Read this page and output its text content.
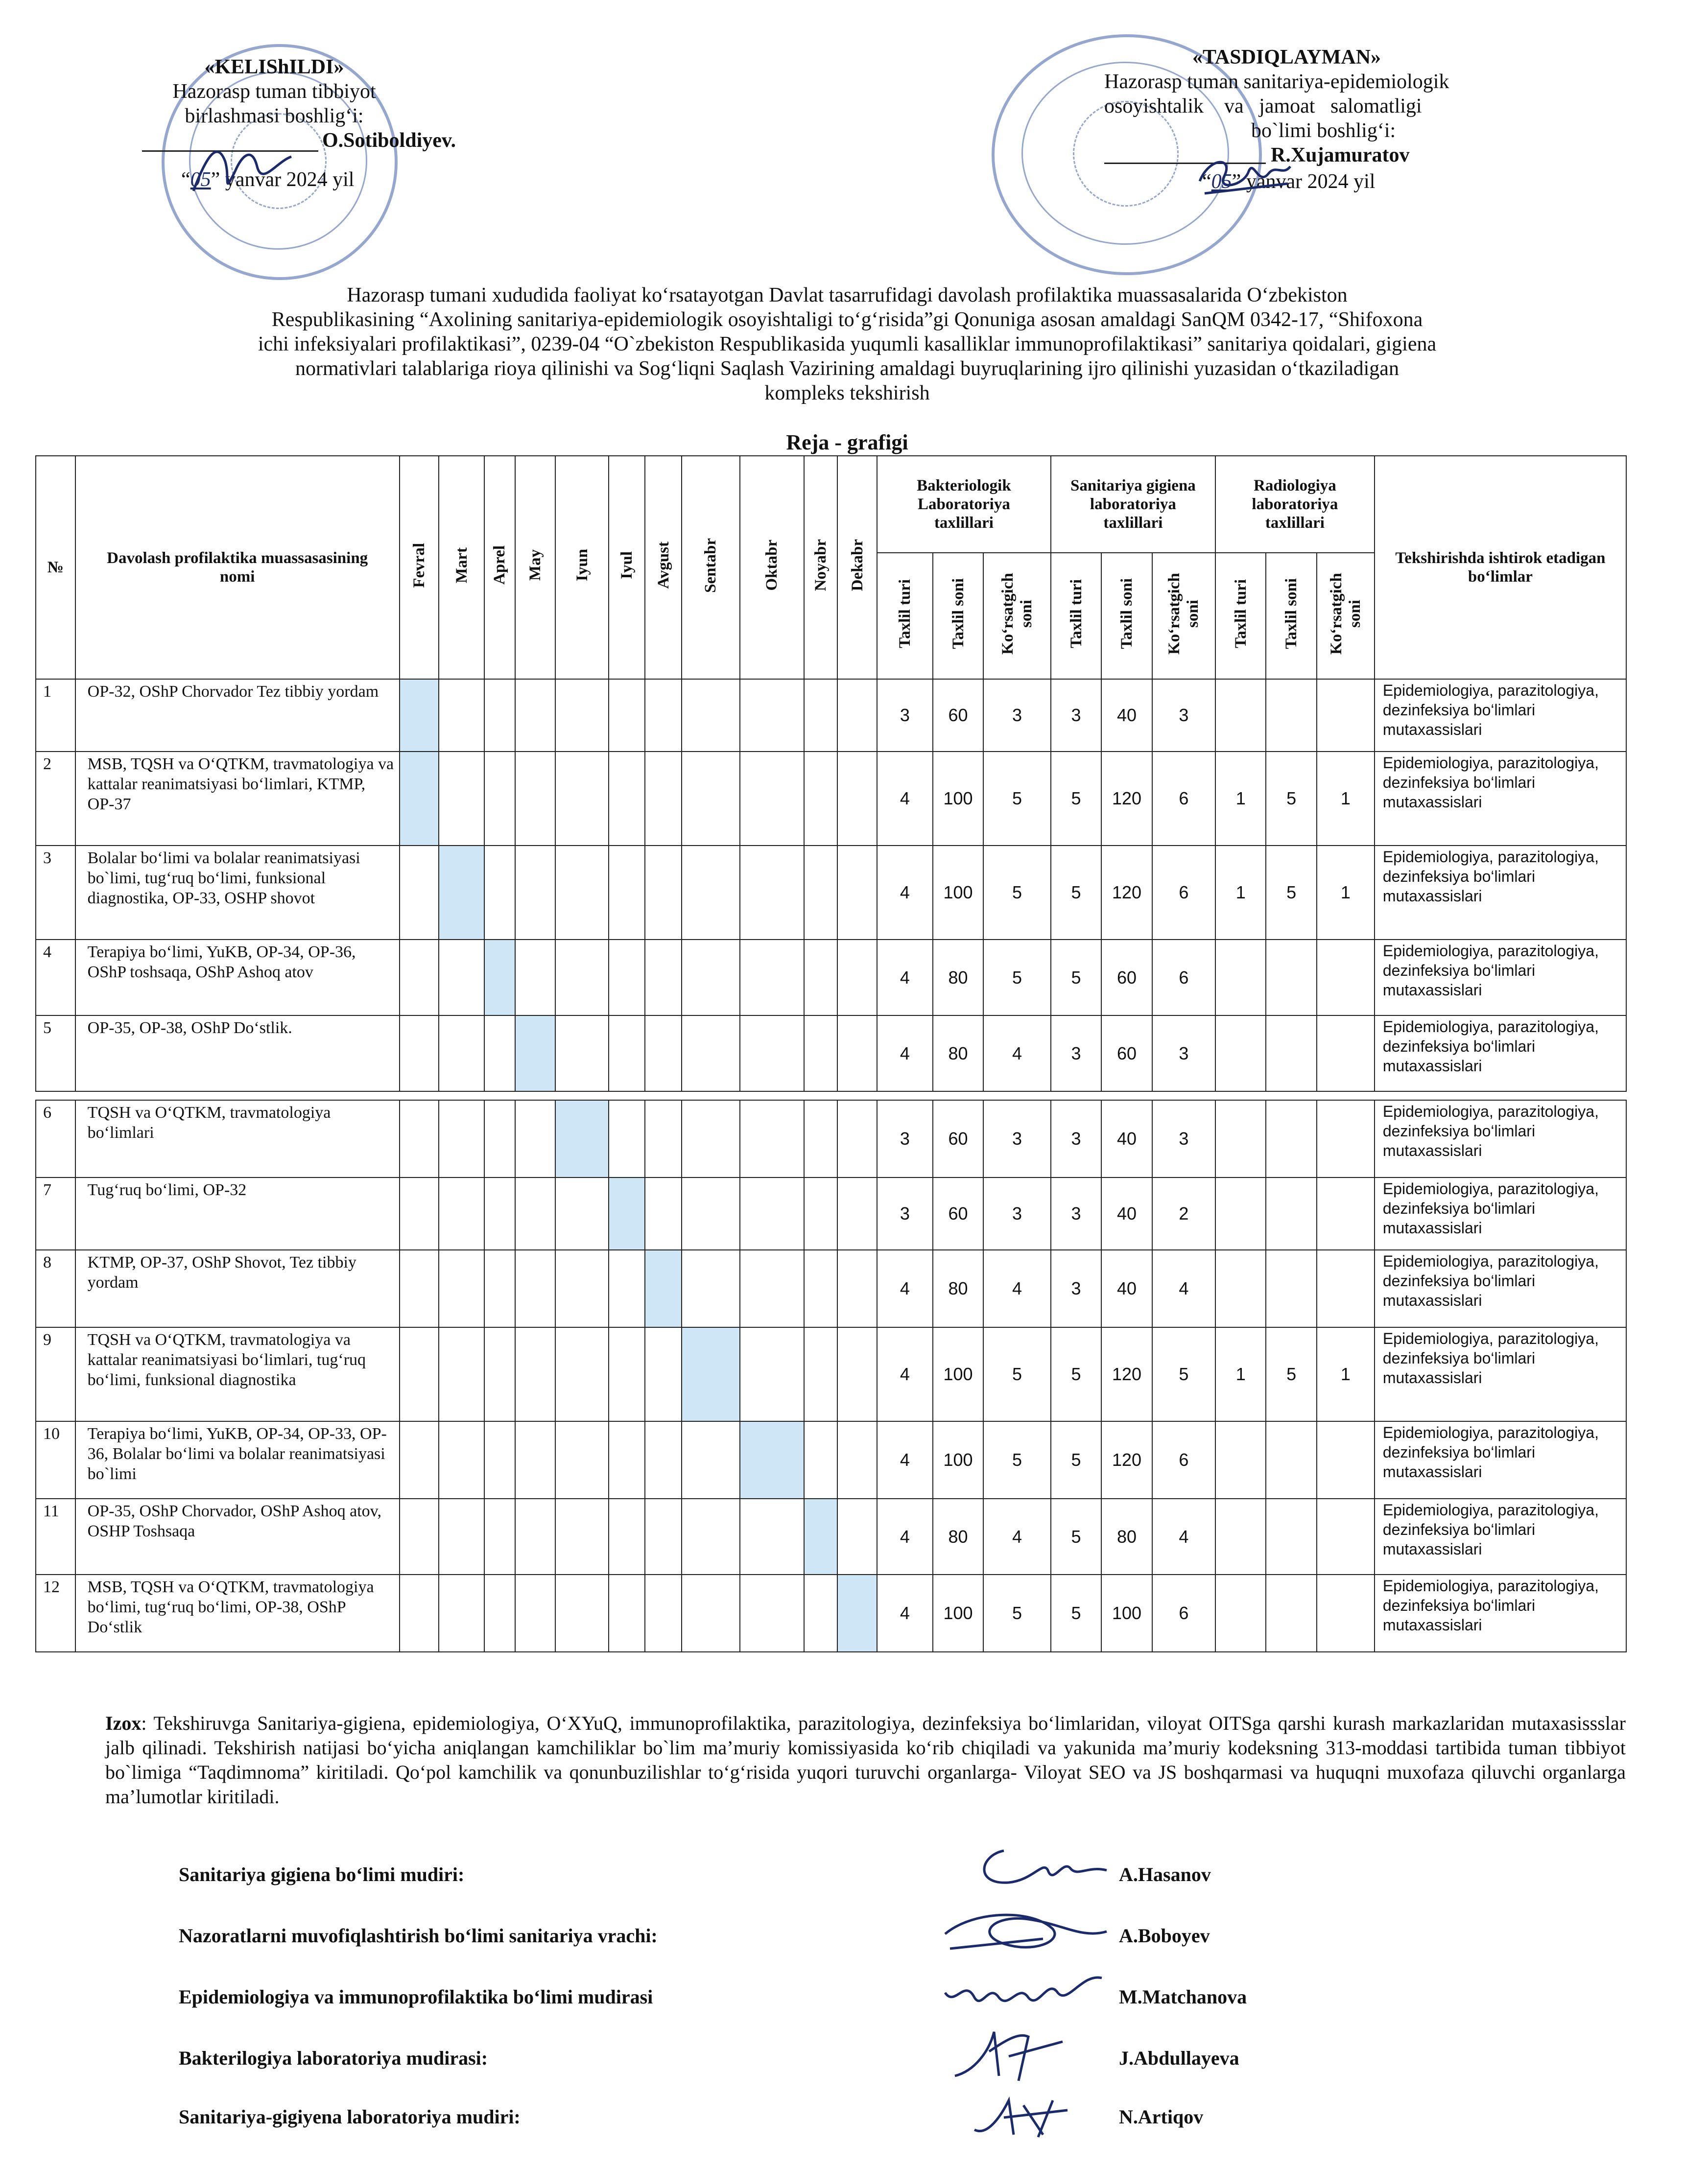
«KELIShILDI»
Hazorasp tuman tibbiyot
birlashmasi boshlig‘i:
O.Sotiboldiyev.
“05” yanvar 2024 yil
«TASDIQLAYMAN»
Hazorasp tuman sanitariya-epidemiologik
osoyishtalik    va   jamoat   salomatligi
bo`limi boshlig‘i:
R.Xujamuratov
“05” yanvar 2024 yil
Hazorasp tumani xududida faoliyat ko‘rsatayotgan Davlat tasarrufidagi davolash profilaktika muassasalarida O‘zbekiston
Respublikasining “Axolining sanitariya-epidemiologik osoyishtaligi to‘g‘risida”gi Qonuniga asosan amaldagi SanQM 0342-17, “Shifoxona
ichi infeksiyalari profilaktikasi”, 0239-04 “O`zbekiston Respublikasida yuqumli kasalliklar immunoprofilaktikasi” sanitariya qoidalari, gigiena
normativlari talablariga rioya qilinishi va Sog‘liqni Saqlash Vazirining amaldagi buyruqlarining ijro qilinishi yuzasidan o‘tkaziladigan
kompleks tekshirish
Reja - grafigi
№	Davolash profilaktika muassasasining nomi	Fevral	Mart	Aprel	May	Iyun	Iyul	Avgust	Sentabr	Oktabr	Noyabr	Dekabr	Bakteriologik Laboratoriya taxlillari			Sanitariya gigiena laboratoriya taxlillari			Radiologiya laboratoriya taxlillari			Tekshirishda ishtirok etadigan bo‘limlar
													Taxlil turi	Taxlil soni	Ko‘rsatgich soni	Taxlil turi	Taxlil soni	Ko‘rsatgich soni	Taxlil turi	Taxlil soni	Ko‘rsatgich soni	
1	OP-32, OShP Chorvador Tez tibbiy yordam												3	60	3	3	40	3				Epidemiologiya, parazitologiya, dezinfeksiya bo‘limlari mutaxassislari
2	MSB, TQSH va O‘QTKM, travmatologiya va kattalar reanimatsiyasi bo‘limlari, KTMP, OP-37												4	100	5	5	120	6	1	5	1	Epidemiologiya, parazitologiya, dezinfeksiya bo‘limlari mutaxassislari
3	Bolalar bo‘limi va bolalar reanimatsiyasi bo`limi, tug‘ruq bo‘limi, funksional diagnostika, OP-33, OSHP shovot												4	100	5	5	120	6	1	5	1	Epidemiologiya, parazitologiya, dezinfeksiya bo‘limlari mutaxassislari
4	Terapiya bo‘limi, YuKB, OP-34, OP-36, OShP toshsaqa, OShP Ashoq atov												4	80	5	5	60	6				Epidemiologiya, parazitologiya, dezinfeksiya bo‘limlari mutaxassislari
5	OP-35, OP-38, OShP Do‘stlik.												4	80	4	3	60	3				Epidemiologiya, parazitologiya, dezinfeksiya bo‘limlari mutaxassislari

6	TQSH va O‘QTKM, travmatologiya bo‘limlari												3	60	3	3	40	3				Epidemiologiya, parazitologiya, dezinfeksiya bo‘limlari mutaxassislari
7	Tug‘ruq bo‘limi, OP-32												3	60	3	3	40	2				Epidemiologiya, parazitologiya, dezinfeksiya bo‘limlari mutaxassislari
8	KTMP, OP-37, OShP Shovot, Tez tibbiy yordam												4	80	4	3	40	4				Epidemiologiya, parazitologiya, dezinfeksiya bo‘limlari mutaxassislari
9	TQSH va O‘QTKM, travmatologiya va kattalar reanimatsiyasi bo‘limlari, tug‘ruq bo‘limi, funksional diagnostika												4	100	5	5	120	5	1	5	1	Epidemiologiya, parazitologiya, dezinfeksiya bo‘limlari mutaxassislari
10	Terapiya bo‘limi, YuKB, OP-34, OP-33, OP-36, Bolalar bo‘limi va bolalar reanimatsiyasi bo`limi												4	100	5	5	120	6				Epidemiologiya, parazitologiya, dezinfeksiya bo‘limlari mutaxassislari
11	OP-35, OShP Chorvador, OShP Ashoq atov, OSHP Toshsaqa												4	80	4	5	80	4				Epidemiologiya, parazitologiya, dezinfeksiya bo‘limlari mutaxassislari
12	MSB, TQSH va O‘QTKM, travmatologiya bo‘limi, tug‘ruq bo‘limi, OP-38, OShP Do‘stlik												4	100	5	5	100	6				Epidemiologiya, parazitologiya, dezinfeksiya bo‘limlari mutaxassislari
Izox: Tekshiruvga Sanitariya-gigiena, epidemiologiya, O‘XYuQ, immunoprofilaktika, parazitologiya, dezinfeksiya bo‘limlaridan, viloyat OITSga qarshi kurash markazlaridan mutaxasissslar jalb qilinadi. Tekshirish natijasi bo‘yicha aniqlangan kamchiliklar bo`lim ma’muriy komissiyasida ko‘rib chiqiladi va yakunida ma’muriy kodeksning 313-moddasi tartibida tuman tibbiyot bo`limiga “Taqdimnoma” kiritiladi. Qo‘pol kamchilik va qonunbuzilishlar to‘g‘risida yuqori turuvchi organlarga- Viloyat SEO va JS boshqarmasi va huquqni muxofaza qiluvchi organlarga ma’lumotlar kiritiladi.
Sanitariya gigiena bo‘limi mudiri:	A.Hasanov
Nazoratlarni muvofiqlashtirish bo‘limi sanitariya vrachi:	A.Boboyev
Epidemiologiya va immunoprofilaktika bo‘limi mudirasi	M.Matchanova
Bakterilogiya laboratoriya mudirasi:	J.Abdullayeva
Sanitariya-gigiyena laboratoriya mudiri:	N.Artiqov
